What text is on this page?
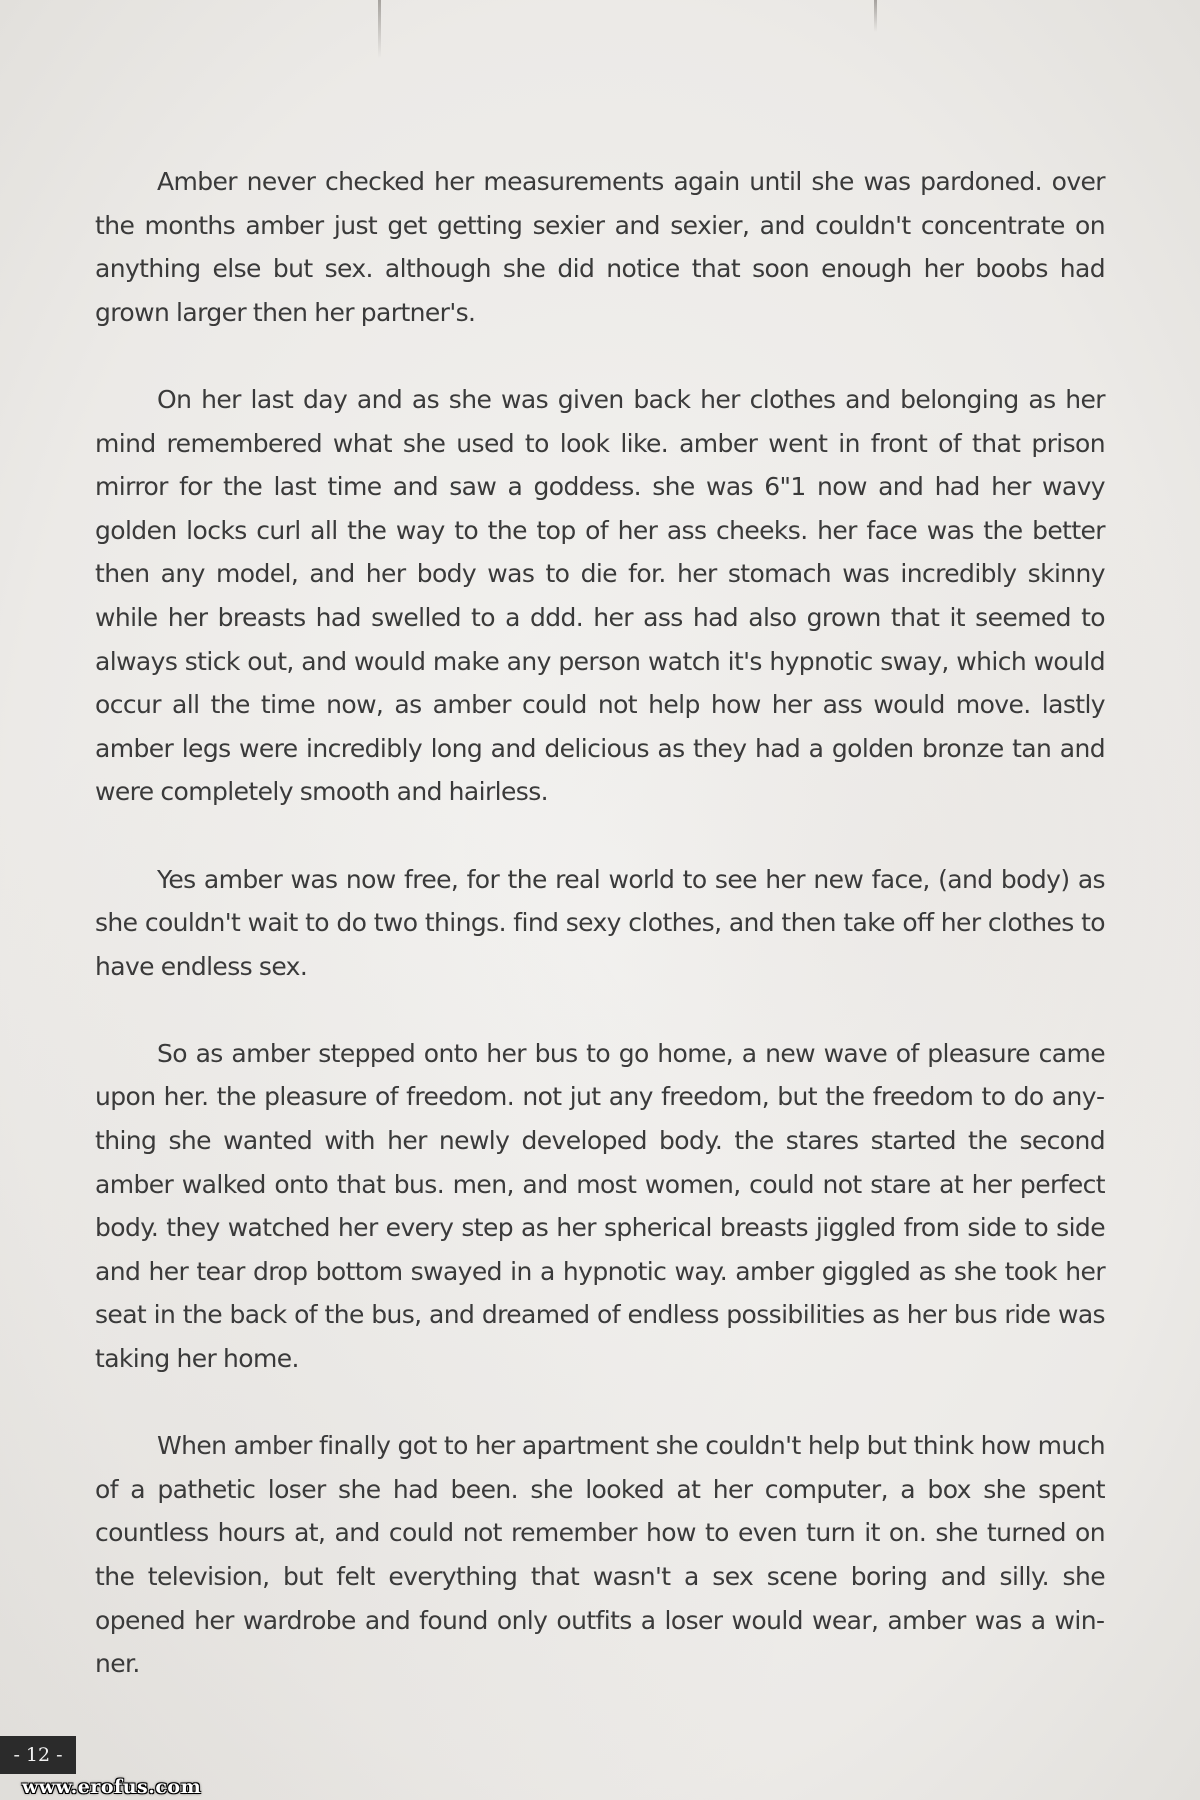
Amber never checked her measurements again until she was pardoned. over the months amber just get getting sexier and sexier, and couldn't concentrate on anything else but sex. although she did notice that soon enough her boobs had grown larger then her partner's.

On her last day and as she was given back her clothes and belonging as her mind remembered what she used to look like. amber went in front of that prison mirror for the last time and saw a goddess. she was 6"1 now and had her wavy golden locks curl all the way to the top of her ass cheeks. her face was the better then any model, and her body was to die for. her stomach was incredibly skinny while her breasts had swelled to a ddd. her ass had also grown that it seemed to always stick out, and would make any person watch it's hypnotic sway, which would occur all the time now, as amber could not help how her ass would move. lastly amber legs were incredibly long and delicious as they had a golden bronze tan and were completely smooth and hairless.

Yes amber was now free, for the real world to see her new face, (and body) as she couldn't wait to do two things. find sexy clothes, and then take off her clothes to have endless sex.

So as amber stepped onto her bus to go home, a new wave of pleasure came upon her. the pleasure of freedom. not jut any freedom, but the freedom to do anything she wanted with her newly developed body. the stares started the second amber walked onto that bus. men, and most women, could not stare at her perfect body. they watched her every step as her spherical breasts jiggled from side to side and her tear drop bottom swayed in a hypnotic way. amber giggled as she took her seat in the back of the bus, and dreamed of endless possibilities as her bus ride was taking her home.

When amber finally got to her apartment she couldn't help but think how much of a pathetic loser she had been. she looked at her computer, a box she spent countless hours at, and could not remember how to even turn it on. she turned on the television, but felt everything that wasn't a sex scene boring and silly. she opened her wardrobe and found only outfits a loser would wear, amber was a winner.

- 12 -
www.erofus.com
